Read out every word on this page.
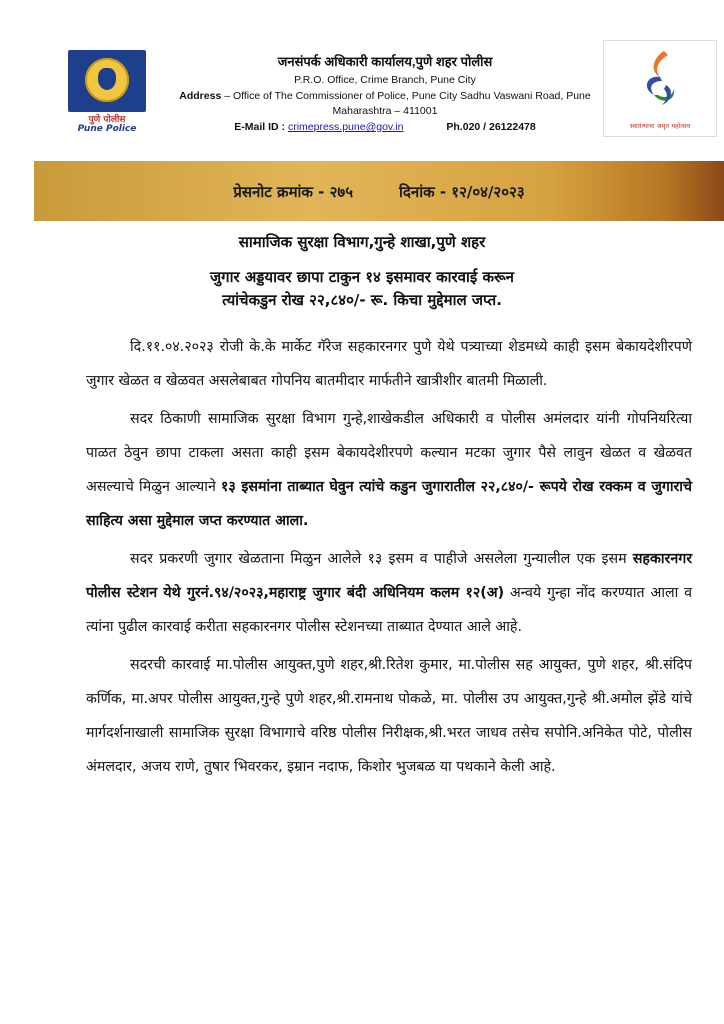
पुणे पोलीस
Pune Police
जनसंपर्क अधिकारी कार्यालय,पुणे शहर पोलीस
P.R.O. Office, Crime Branch, Pune City
Address – Office of The Commissioner of Police, Pune City Sadhu Vaswani Road, Pune
Maharashtra – 411001
E-Mail ID : crimepress.pune@gov.in	Ph.020 / 26122478	स्वातंत्र्याचा अमृत महोत्सव
प्रेसनोट क्रमांक - २७५	दिनांक - १२/०४/२०२३
सामाजिक सुरक्षा विभाग,गुन्हे शाखा,पुणे शहर
जुगार अड्डयावर छापा टाकुन १४ इसमावर कारवाई करून
त्यांचेकडुन रोख २२,८४०/- रू. किचा मुद्देमाल जप्त.

दि.११.०४.२०२३ रोजी के.के मार्केट गॅरेज सहकारनगर पुणे येथे पत्र्याच्या शेडमध्ये काही इसम बेकायदेशीरपणे जुगार खेळत व खेळवत असलेबाबत गोपनिय बातमीदार मार्फतीने खात्रीशीर बातमी मिळाली.

सदर ठिकाणी सामाजिक सुरक्षा विभाग गुन्हे,शाखेकडील अधिकारी व पोलीस अमंलदार यांनी गोपनियरित्या पाळत ठेवुन छापा टाकला असता काही इसम बेकायदेशीरपणे कल्यान मटका जुगार पैसे लावुन खेळत व खेळवत असल्याचे मिळुन आल्याने १३ इसमांना ताब्यात घेवुन त्यांचे कडुन जुगारातील २२,८४०/- रूपये रोख रक्कम व जुगाराचे साहित्य असा मुद्देमाल जप्त करण्यात आला.

सदर प्रकरणी जुगार खेळताना मिळुन आलेले १३ इसम व पाहीजे असलेला गुन्यालील एक इसम सहकारनगर पोलीस स्टेशन येथे गुरनं.९४/२०२३,महाराष्ट्र जुगार बंदी अधिनियम कलम १२(अ) अन्वये गुन्हा नोंद करण्यात आला व त्यांना पुढील कारवाई करीता सहकारनगर पोलीस स्टेशनच्या ताब्यात देण्यात आले आहे.

सदरची कारवाई मा.पोलीस आयुक्त,पुणे शहर,श्री.रितेश कुमार, मा.पोलीस सह आयुक्त, पुणे शहर, श्री.संदिप कर्णिक, मा.अपर पोलीस आयुक्त,गुन्हे पुणे शहर,श्री.रामनाथ पोकळे, मा. पोलीस उप आयुक्त,गुन्हे श्री.अमोल झेंडे यांचे मार्गदर्शनाखाली सामाजिक सुरक्षा विभागाचे वरिष्ठ पोलीस निरीक्षक,श्री.भरत जाधव तसेच सपोनि.अनिकेत पोटे, पोलीस अंमलदार, अजय राणे, तुषार भिवरकर, इम्रान नदाफ, किशोर भुजबळ या पथकाने केली आहे.
